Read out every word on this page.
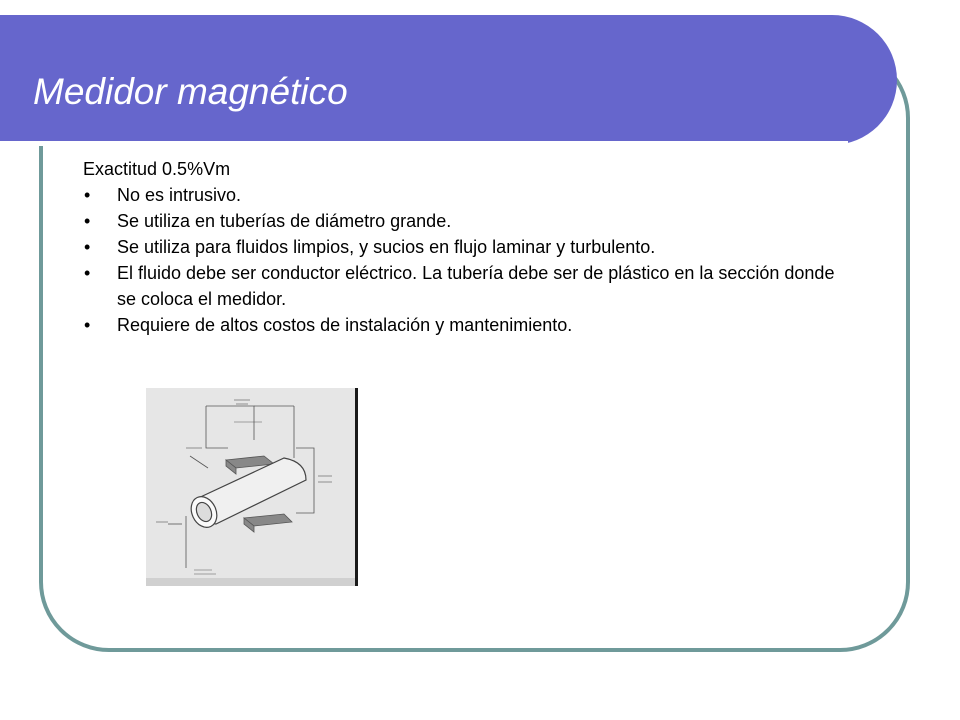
Medidor magnético

Exactitud 0.5%Vm

• No es intrusivo.
• Se utiliza en tuberías de diámetro grande.
• Se utiliza para fluidos limpios, y sucios en flujo laminar y turbulento.
• El fluido debe ser conductor eléctrico. La tubería debe ser de plástico en la sección donde se coloca el medidor.
• Requiere de altos costos de instalación y mantenimiento.
